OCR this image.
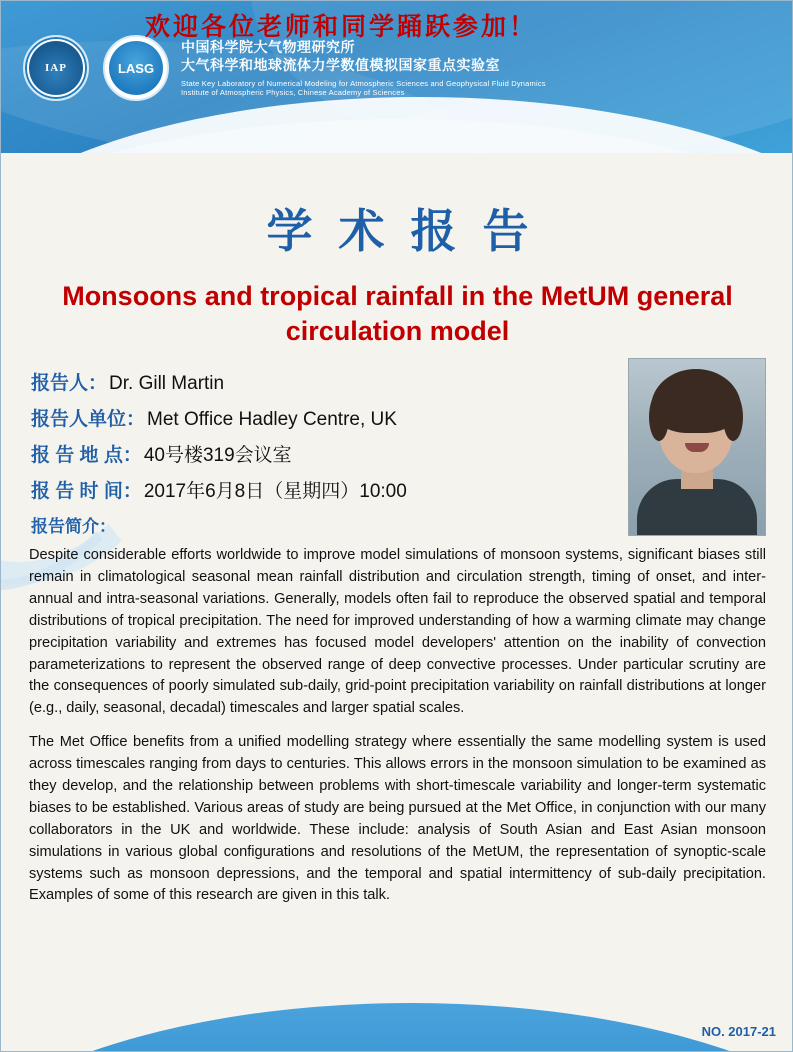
IAP	LASG
中国科学院大气物理研究所
大气科学和地球流体力学数值模拟国家重点实验室
State Key Laboratory of Numerical Modeling for Atmospheric Sciences and Geophysical Fluid Dynamics
Institute of Atmospheric Physics, Chinese Academy of Sciences
学术报告
Monsoons and tropical rainfall in the MetUM general circulation model
报告人： Dr. Gill Martin
报告人单位： Met Office Hadley Centre, UK
报 告 地 点： 40号楼319会议室
报 告 时 间： 2017年6月8日（星期四）10:00
报告简介：

Despite considerable efforts worldwide to improve model simulations of monsoon systems, significant biases still remain in climatological seasonal mean rainfall distribution and circulation strength, timing of onset, and inter-annual and intra-seasonal variations. Generally, models often fail to reproduce the observed spatial and temporal distributions of tropical precipitation. The need for improved understanding of how a warming climate may change precipitation variability and extremes has focused model developers' attention on the inability of convection parameterizations to represent the observed range of deep convective processes. Under particular scrutiny are the consequences of poorly simulated sub-daily, grid-point precipitation variability on rainfall distributions at longer (e.g., daily, seasonal, decadal) timescales and larger spatial scales.

The Met Office benefits from a unified modelling strategy where essentially the same modelling system is used across timescales ranging from days to centuries. This allows errors in the monsoon simulation to be examined as they develop, and the relationship between problems with short-timescale variability and longer-term systematic biases to be established. Various areas of study are being pursued at the Met Office, in conjunction with our many collaborators in the UK and worldwide. These include: analysis of South Asian and East Asian monsoon simulations in various global configurations and resolutions of the MetUM, the representation of synoptic-scale systems such as monsoon depressions, and the temporal and spatial intermittency of sub-daily precipitation. Examples of some of this research are given in this talk.

欢迎各位老师和同学踊跃参加！
NO. 2017-21
